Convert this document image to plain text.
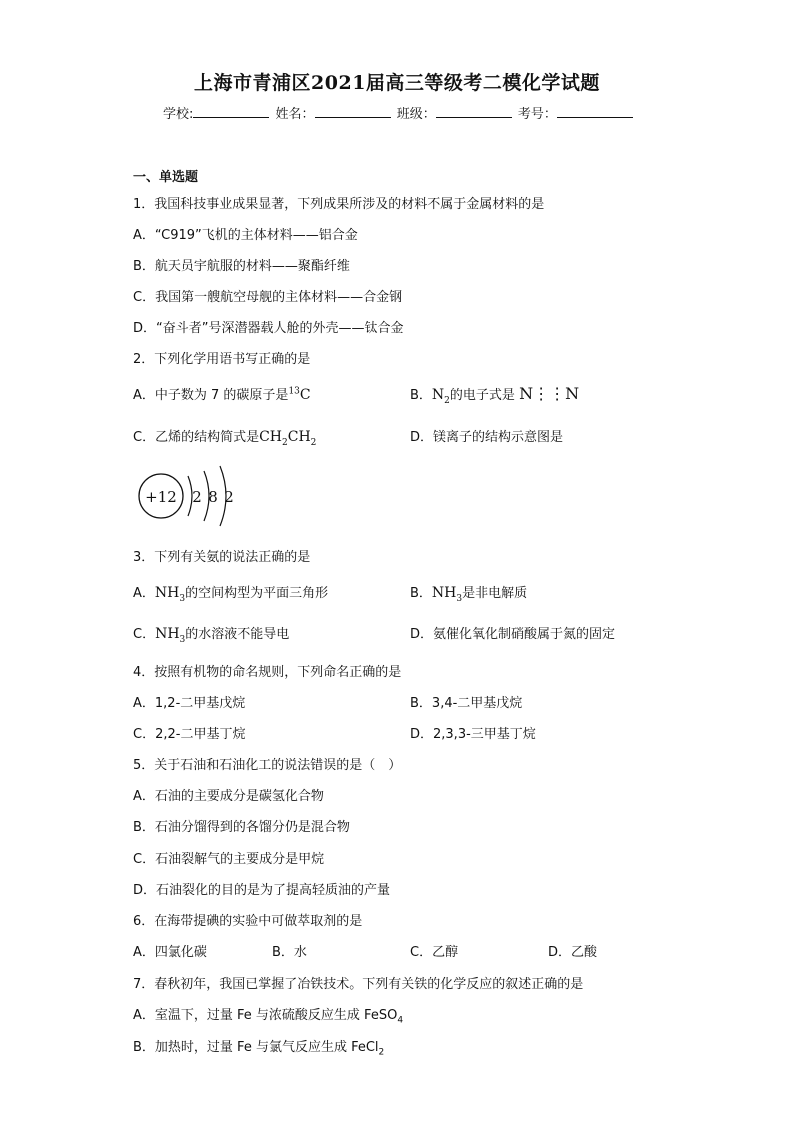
上海市青浦区2021届高三等级考二模化学试题
学校:	姓名：	班级：	考号：
一、单选题
1．我国科技事业成果显著，下列成果所涉及的材料不属于金属材料的是
A．“C919”飞机的主体材料——铝合金
B．航天员宇航服的材料——聚酯纤维
C．我国第一艘航空母舰的主体材料——合金钢
D．“奋斗者”号深潜器载人舱的外壳——钛合金
2．下列化学用语书写正确的是
A．中子数为 7 的碳原子是$^{13}$C	B．$N_2$的电子式是 N⋮⋮N
C．乙烯的结构简式是$CH_2CH_2$	D．镁离子的结构示意图是
+12 2 8 2
3．下列有关氨的说法正确的是
A．$NH_3$的空间构型为平面三角形	B．$NH_3$是非电解质
C．$NH_3$的水溶液不能导电	D．氨催化氧化制硝酸属于氮的固定
4．按照有机物的命名规则，下列命名正确的是
A．1,2-二甲基戊烷	B．3,4-二甲基戊烷
C．2,2-二甲基丁烷	D．2,3,3-三甲基丁烷
5．关于石油和石油化工的说法错误的是（　）
A．石油的主要成分是碳氢化合物
B．石油分馏得到的各馏分仍是混合物
C．石油裂解气的主要成分是甲烷
D．石油裂化的目的是为了提高轻质油的产量
6．在海带提碘的实验中可做萃取剂的是
A．四氯化碳	B．水	C．乙醇	D．乙酸
7．春秋初年，我国已掌握了冶铁技术。下列有关铁的化学反应的叙述正确的是
A．室温下，过量 Fe 与浓硫酸反应生成 FeSO$_4$
B．加热时，过量 Fe 与氯气反应生成 FeCl$_2$
